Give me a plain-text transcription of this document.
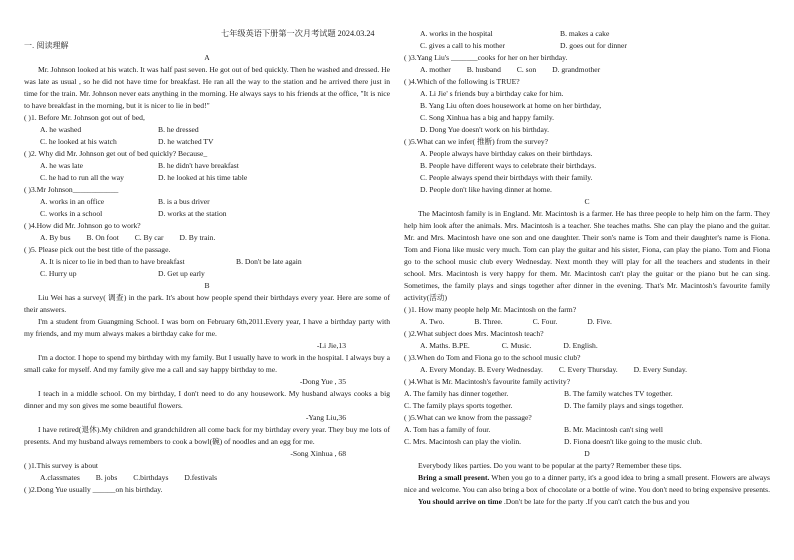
七年级英语下册第一次月考试题 2024.03.24
一. 阅读理解
A
Mr. Johnson looked at his watch. It was half past seven. He got out of bed quickly. Then he washed and dressed. He was late as usual , so he did not have time for breakfast. He ran all the way to the station and he arrived there just in time for the train. Mr. Johnson never eats anything in the morning. He always says to his friends at the office, "It is nice to have breakfast in the morning, but it is nicer to lie in bed!"
( )1. Before Mr. Johnson got out of bed,
A. he washed	B. he dressed
C. he looked at his watch	D. he watched TV
( )2. Why did Mr. Johnson get out of bed quickly? Because_
A. he was late	B. he didn't have breakfast
C. he had to run all the way	D. he looked at his time table
( )3.Mr Johnson____________
A. works in an office	B. is a bus driver
C. works in a school	D. works at the station
( )4.How did Mr. Johnson go to work?
A. By bus B. On foot C. By car D. By train.
( )5. Please pick out the best title of the passage.
A. It is nicer to lie in bed than to have breakfast	B. Don't be late again
C. Hurry up	D. Get up early
B
Liu Wei has a survey( 调查) in the park. It's about how people spend their birthdays every year. Here are some of their answers.
I'm a student from Guangming School. I was born on February 6th,2011.Every year, I have a birthday party with my friends, and my mum always makes a birthday cake for me.
-Li Jie,13
I'm a doctor. I hope to spend my birthday with my family. But I usually have to work in the hospital. I always buy a small cake for myself. And my family give me a call and say happy birthday to me.
-Dong Yue , 35
I teach in a middle school. On my birthday, I don't need to do any housework. My husband always cooks a big dinner and my son gives me some beautiful flowers.
-Yang Liu,36
I have retired(退休).My children and grandchildren all come back for my birthday every year. They buy me lots of presents. And my husband always remembers to cook a bowl(碗) of noodles and an egg for me.
-Song Xinhua , 68
( )1.This survey is about
A.classmates B. jobs C.birthdays D.festivals
( )2.Dong Yue usually ______on his birthday.
A. works in the hospital	B. makes a cake
C. gives a call to his mother	D. goes out for dinner
( )3.Yang Liu's _______cooks for her on her birthday.
A. mother B. husband C. son D. grandmother
( )4.Which of the following is TRUE?
A. Li Jie' s friends buy a birthday cake for him.
B. Yang Liu often does housework at home on her birthday,
C. Song Xinhua has a big and happy family.
D. Dong Yue doesn't work on his birthday.
( )5.What can we infer( 推断) from the survey?
A. People always have birthday cakes on their birthdays.
B. People have different ways to celebrate their birthdays.
C. People always spend their birthdays with their family.
D. People don't like having dinner at home.
C
The Macintosh family is in England. Mr. Macintosh is a farmer. He has three people to help him on the farm. They help him look after the animals. Mrs. Macintosh is a teacher. She teaches maths. She can play the piano and the guitar. Mr. and Mrs. Macintosh have one son and one daughter. Their son's name is Tom and their daughter's name is Fiona. Tom and Fiona like music very much. Tom can play the guitar and his sister, Fiona, can play the piano. Tom and Fiona go to the school music club every Wednesday. Next month they will play for all the teachers and students in their school. Mrs. Macintosh is very happy for them. Mr. Macintosh can't play the guitar or the piano but he can sing. Sometimes, the family plays and sings together after dinner in the evening. That's Mr. Macintosh's favourite family activity(活动)
( )1. How many people help Mr. Macintosh on the farm?
A. Two.	B. Three.	C. Four.	D. Five.
( )2.What subject does Mrs. Macintosh teach?
A. Maths. B.PE.	C. Music.	D. English.
( )3.When do Tom and Fiona go to the school music club?
A. Every Monday. B. Every Wednesday. C. Every Thursday. D. Every Sunday.
( )4.What is Mr. Macintosh's favourite family activity?
A. The family has dinner together.	B. The family watches TV together.
C. The family plays sports together.	D. The family plays and sings together.
( )5.What can we know from the passage?
A. Tom has a family of four.	B. Mr. Macintosh can't sing well
C. Mrs. Macintosh can play the violin.	D. Fiona doesn't like going to the music club.
D
Everybody likes parties. Do you want to be popular at the party? Remember these tips.
Bring a small present. When you go to a dinner party, it's a good idea to bring a small present. Flowers are always nice and welcome. You can also bring a box of chocolate or a bottle of wine. You don't need to bring expensive presents.
You should arrive on time .Don't be late for the party .If you can't catch the bus and you
